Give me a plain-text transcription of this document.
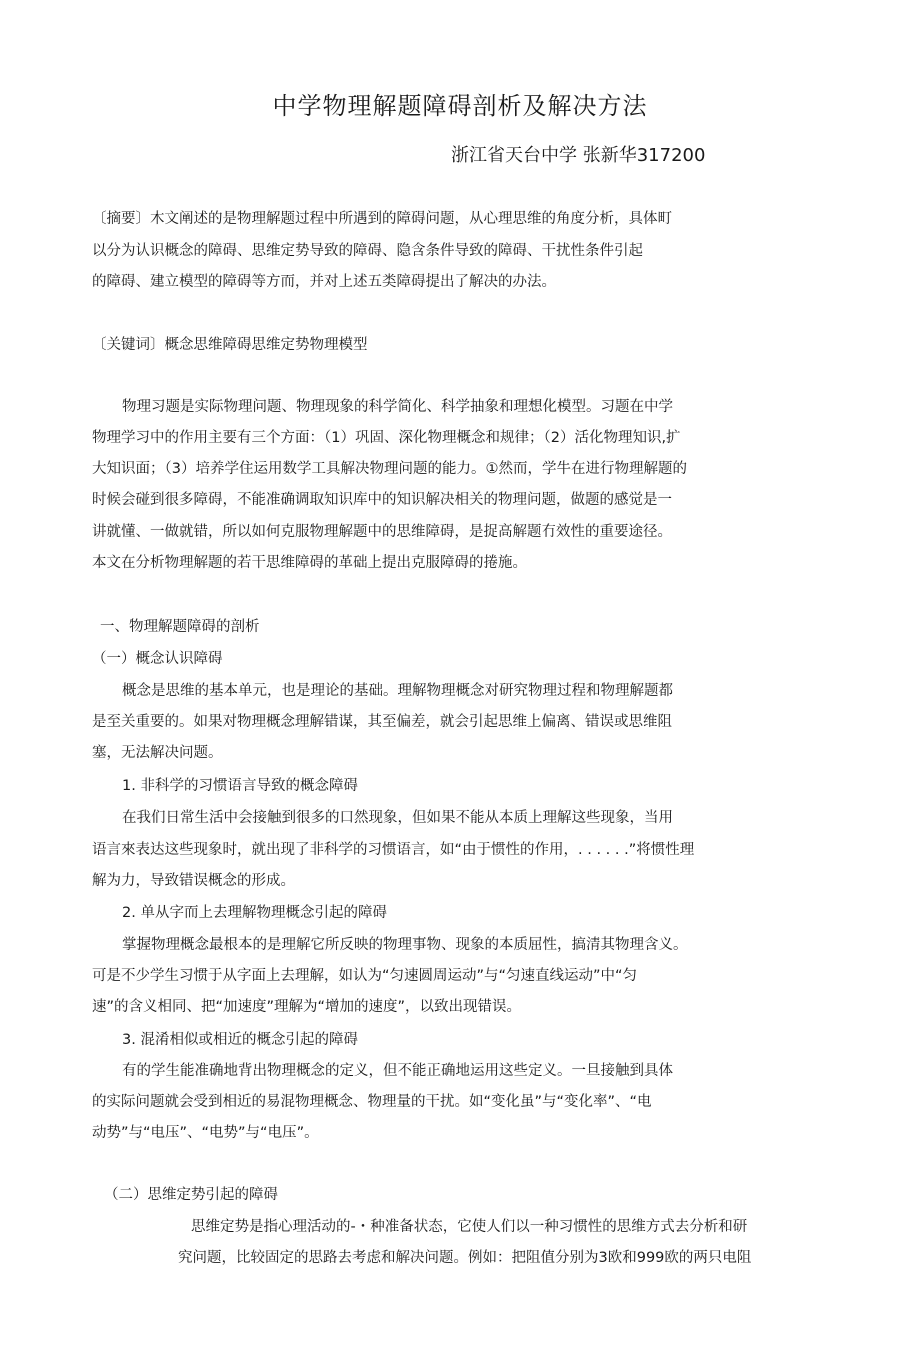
中学物理解题障碍剖析及解决方法
浙江省天台中学 张新华317200
〔摘要〕木文阐述的是物理解题过程中所遇到的障碍问题，从心理思维的角度分析，具体町
以分为认识概念的障碍、思维定势导致的障碍、隐含条件导致的障碍、干扰性条件引起
的障碍、建立模型的障碍等方而，并对上述五类障碍提出了解决的办法。
〔关键词〕概念思维障碍思维定势物理模型
物理习题是实际物理问题、物理现象的科学简化、科学抽象和理想化模型。习题在中学
物理学习中的作用主要有三个方面：（1）巩固、深化物理概念和规律；（2）活化物理知识,扩
大知识面；（3）培养学住运用数学工具解决物理问题的能力。①然而，学牛在进行物理解题的
时候会碰到很多障碍，不能准确调取知识库中的知识解决相关的物理问题，做题的感觉是一
讲就懂、一做就错，所以如何克服物理解题中的思维障碍，是捉高解题冇效性的重要途径。
本文在分析物理解题的若干思维障碍的革础上提出克服障碍的捲施。
一、物理解题障碍的剖析
（一）概念认识障碍
概念是思维的基本单元，也是理论的基础。理解物理概念对研究物理过程和物理解题都
是至关重要的。如果对物理概念理解错谋，其至偏差，就会引起思维上偏离、错误或思维阻
塞，无法解决问题。
1. 非科学的习惯语言导致的概念障碍
在我们日常生活中会接触到很多的口然现象，但如果不能从本质上理解这些现象，当用
语言來表达这些现象时，就出现了非科学的习惯语言，如“由于惯性的作用，. . . . . .”将惯性理
解为力，导致错误概念的形成。
2. 单从字而上去理解物理概念引起的障碍
掌握物理概念最根本的是理解它所反映的物理事物、现象的本质屈性，搞清其物理含义。
可是不少学生习惯于从字面上去理解，如认为“匀速圆周运动”与“匀速直线运动”中“匀
速”的含义相同、把“加速度”理解为“增加的速度”，以致出现错误。
3. 混淆相似或相近的概念引起的障碍
有的学生能准确地背出物理概念的定义，但不能正确地运用这些定义。一旦接触到具体
的实际问题就会受到相近的易混物理概念、物理量的干扰。如“变化虽”与“变化率”、“电
动势”与“电压”、“电势”与“电压”。
（二）思维定势引起的障碍
思维定势是指心理活动的-・种准备状态，它使人们以一种习惯性的思维方式去分析和研
究问题，比较固定的思路去考虑和解决问题。例如：把阻值分别为3欧和999欧的两只电阻
